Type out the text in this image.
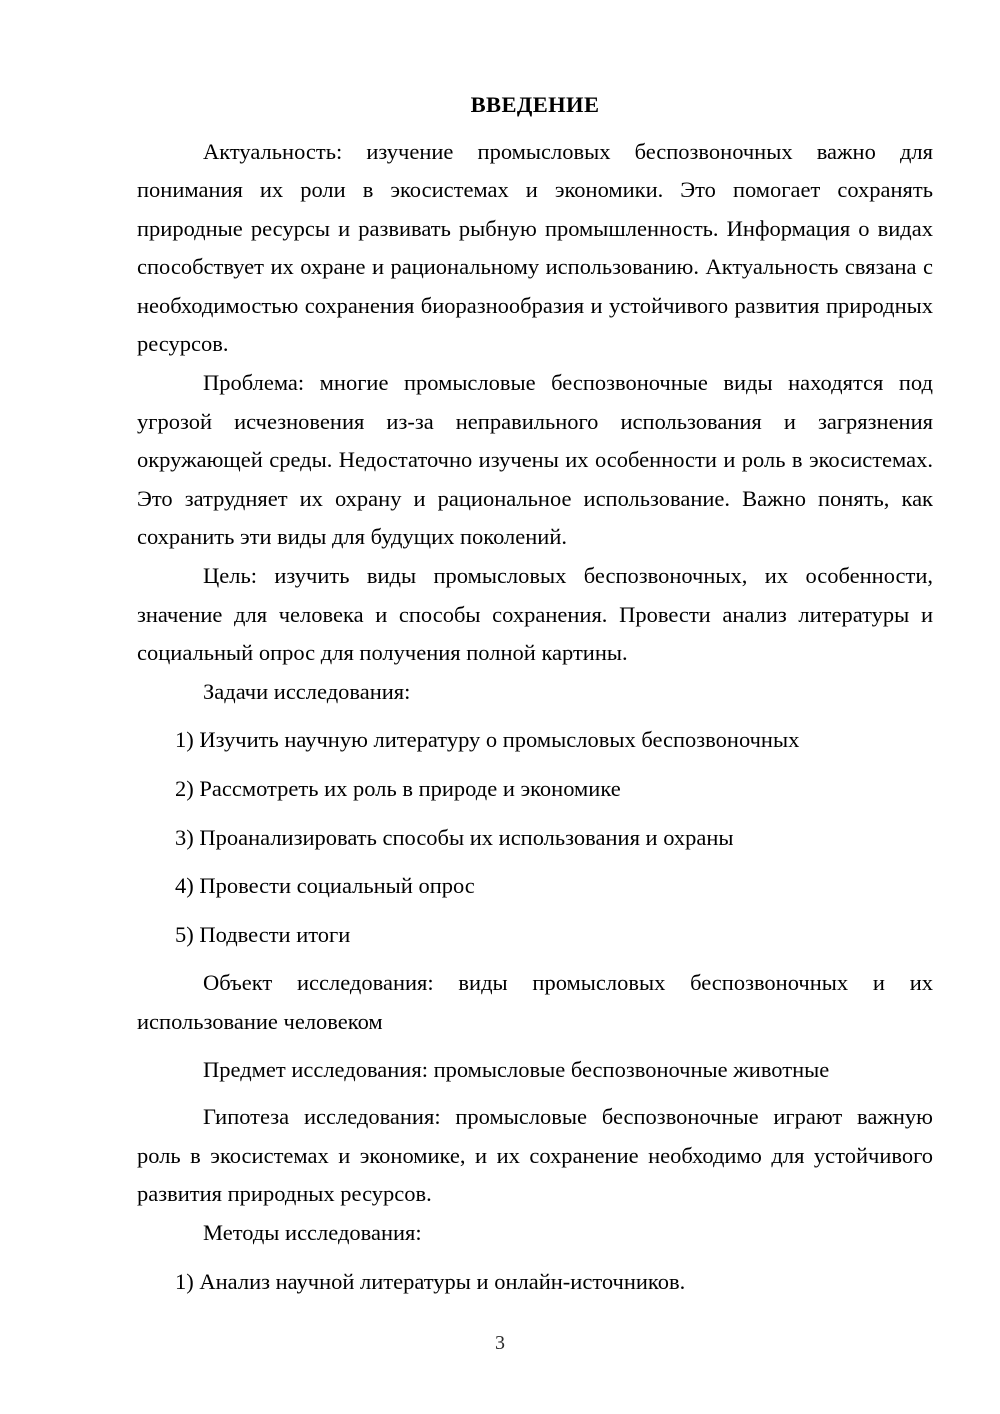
ВВЕДЕНИЕ

Актуальность: изучение промысловых беспозвоночных важно для понимания их роли в экосистемах и экономики. Это помогает сохранять природные ресурсы и развивать рыбную промышленность. Информация о видах способствует их охране и рациональному использованию. Актуальность связана с необходимостью сохранения биоразнообразия и устойчивого развития природных ресурсов.

Проблема: многие промысловые беспозвоночные виды находятся под угрозой исчезновения из-за неправильного использования и загрязнения окружающей среды. Недостаточно изучены их особенности и роль в экосистемах. Это затрудняет их охрану и рациональное использование. Важно понять, как сохранить эти виды для будущих поколений.

Цель: изучить виды промысловых беспозвоночных, их особенности, значение для человека и способы сохранения. Провести анализ литературы и социальный опрос для получения полной картины.

Задачи исследования:

1) Изучить научную литературу о промысловых беспозвоночных

2) Рассмотреть их роль в природе и экономике

3) Проанализировать способы их использования и охраны

4) Провести социальный опрос

5) Подвести итоги

Объект исследования: виды промысловых беспозвоночных и их использование человеком

Предмет исследования: промысловые беспозвоночные животные

Гипотеза исследования: промысловые беспозвоночные играют важную роль в экосистемах и экономике, и их сохранение необходимо для устойчивого развития природных ресурсов.

Методы исследования:

1) Анализ научной литературы и онлайн-источников.

3
